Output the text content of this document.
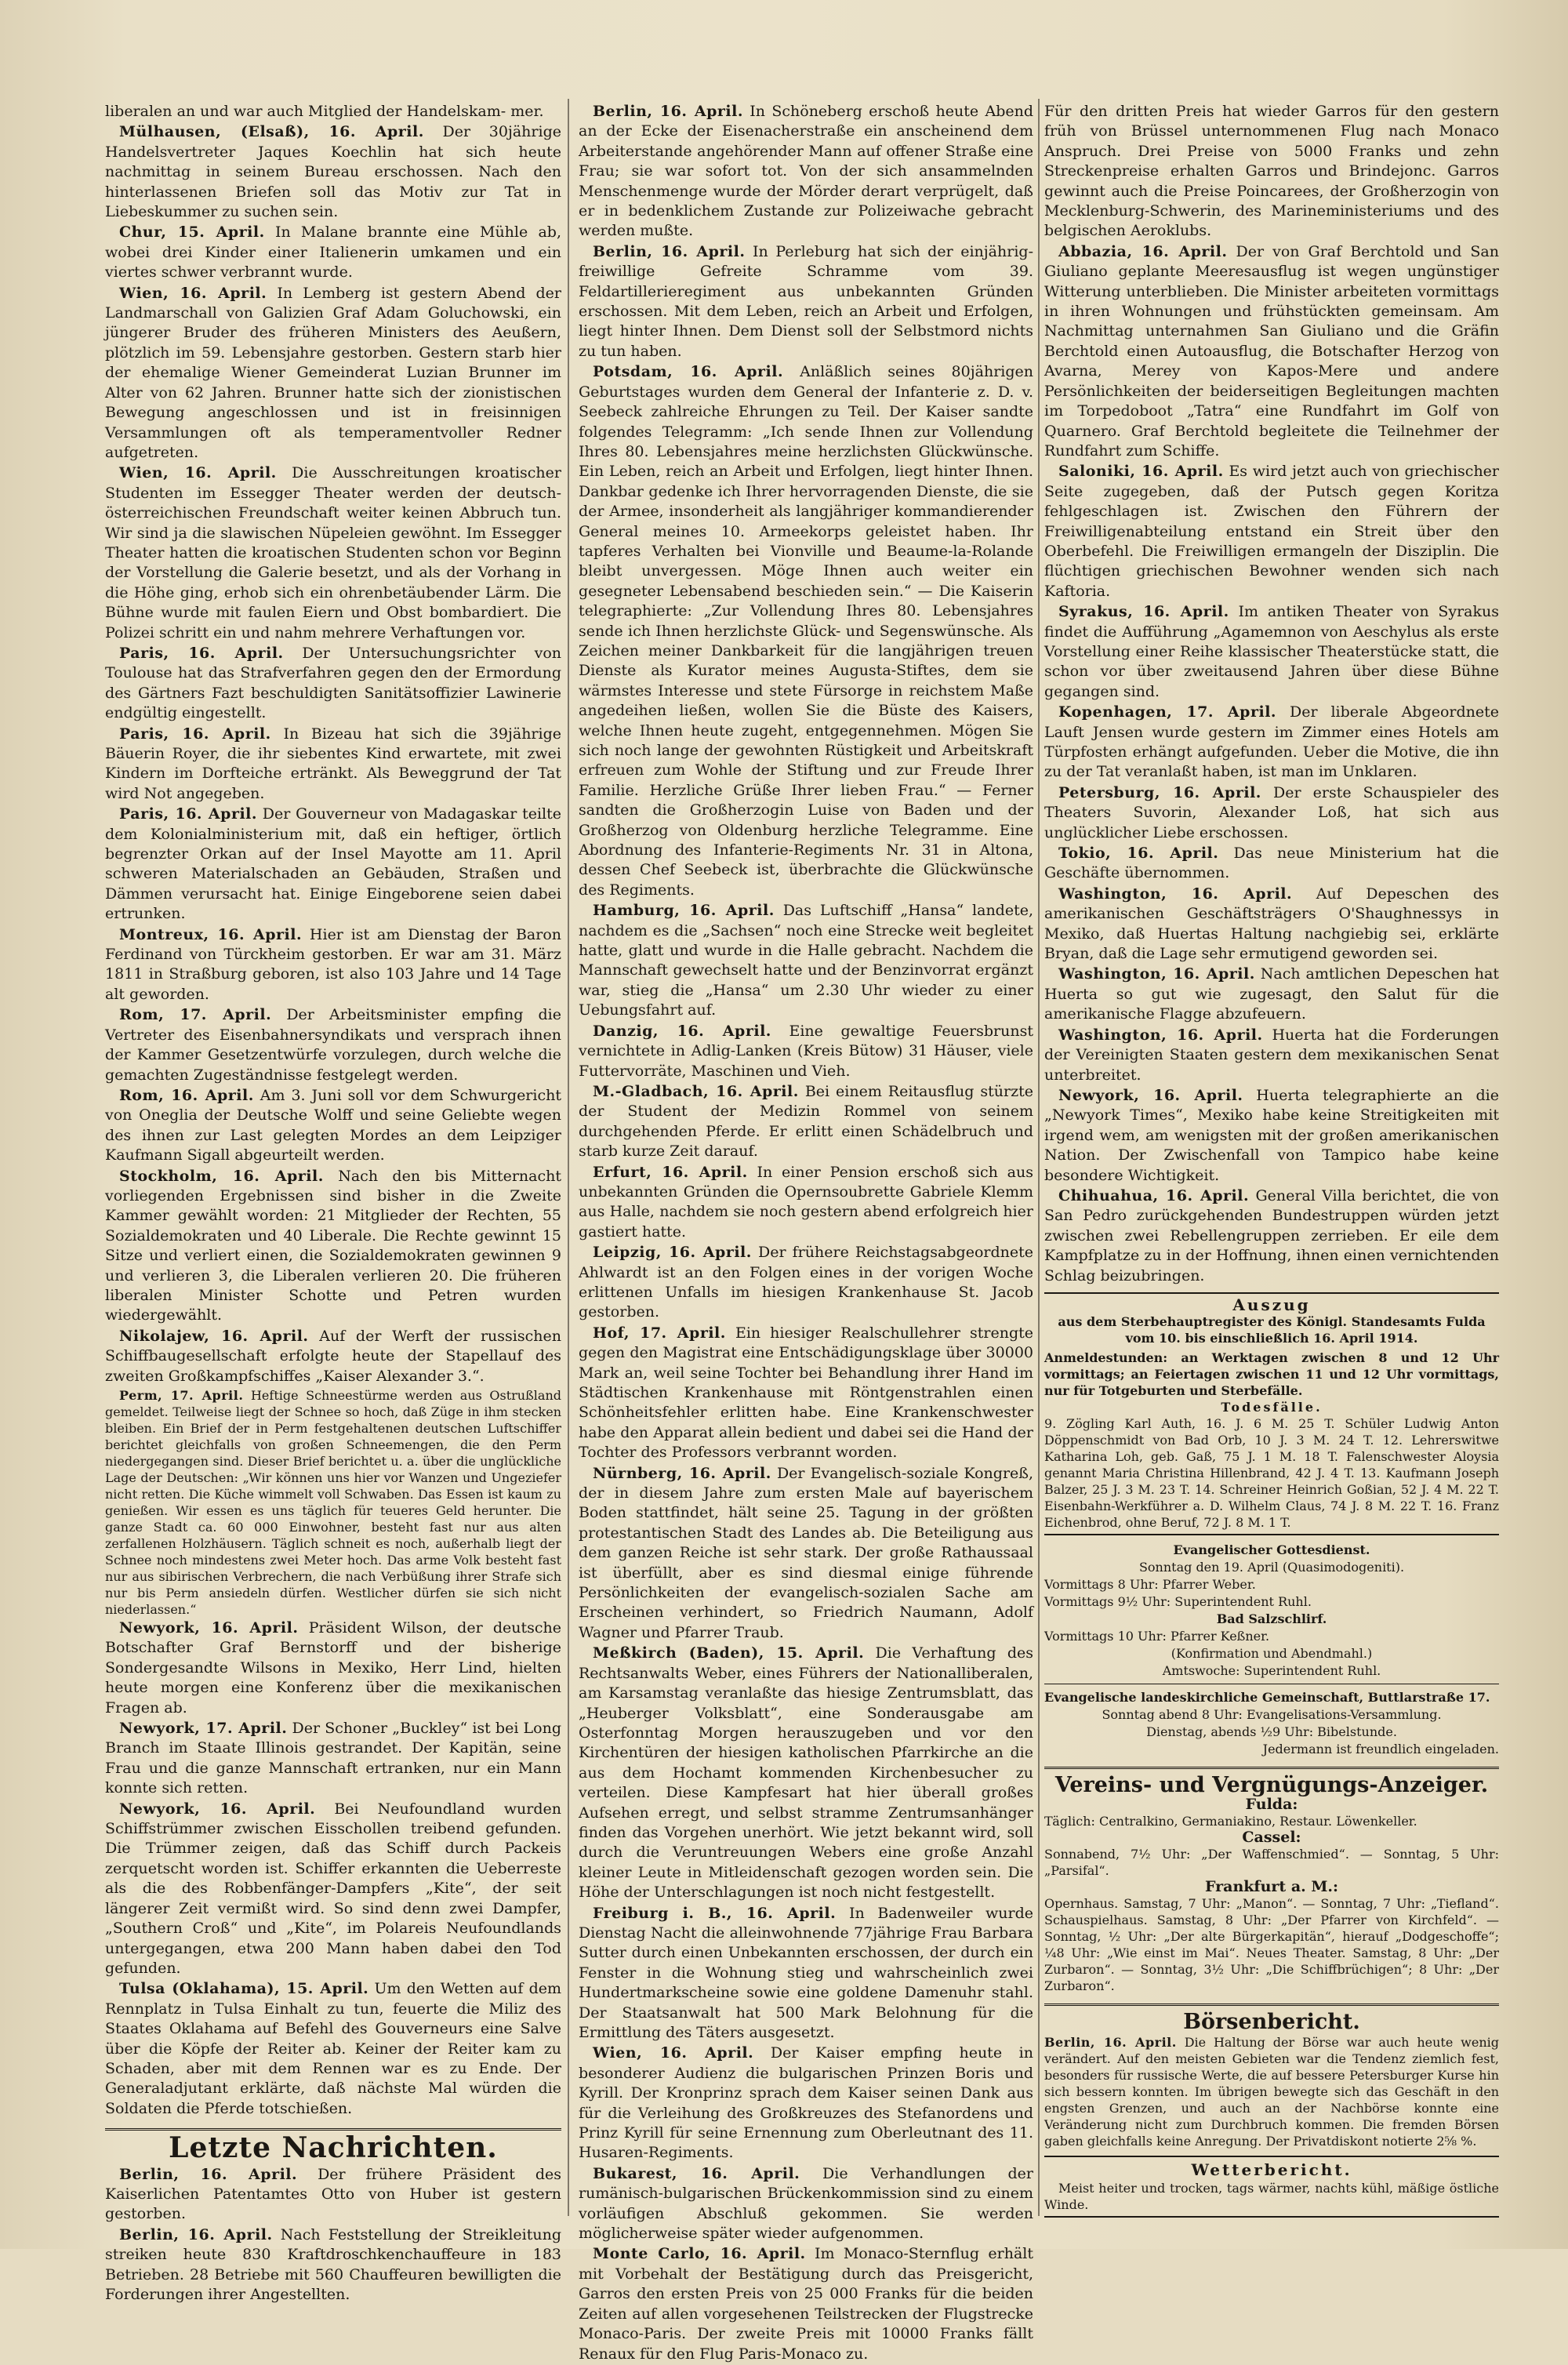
liberalen an und war auch Mitglied der Handelskam- mer.

Mülhausen, (Elsaß), 16. April. Der 30jährige Handelsvertreter Jaques Koechlin hat sich heute nachmittag in seinem Bureau erschossen. Nach den hinterlassenen Briefen soll das Motiv zur Tat in Liebeskummer zu suchen sein.

Chur, 15. April. In Malane brannte eine Mühle ab, wobei drei Kinder einer Italienerin umkamen und ein viertes schwer verbrannt wurde.

Wien, 16. April. In Lemberg ist gestern Abend der Landmarschall von Galizien Graf Adam Goluchowski, ein jüngerer Bruder des früheren Ministers des Aeußern, plötzlich im 59. Lebensjahre gestorben. Gestern starb hier der ehemalige Wiener Gemeinderat Luzian Brunner im Alter von 62 Jahren. Brunner hatte sich der zionistischen Bewegung angeschlossen und ist in freisinnigen Versammlungen oft als temperamentvoller Redner aufgetreten.

Wien, 16. April. Die Ausschreitungen kroatischer Studenten im Essegger Theater werden der deutsch-österreichischen Freundschaft weiter keinen Abbruch tun. Wir sind ja die slawischen Nüpeleien gewöhnt. Im Essegger Theater hatten die kroatischen Studenten schon vor Beginn der Vorstellung die Galerie besetzt, und als der Vorhang in die Höhe ging, erhob sich ein ohrenbetäubender Lärm. Die Bühne wurde mit faulen Eiern und Obst bombardiert. Die Polizei schritt ein und nahm mehrere Verhaftungen vor.

Paris, 16. April. Der Untersuchungsrichter von Toulouse hat das Strafverfahren gegen den der Ermordung des Gärtners Fazt beschuldigten Sanitätsoffizier Lawinerie endgültig eingestellt.

Paris, 16. April. In Bizeau hat sich die 39jährige Bäuerin Royer, die ihr siebentes Kind erwartete, mit zwei Kindern im Dorfteiche ertränkt. Als Beweggrund der Tat wird Not angegeben.

Paris, 16. April. Der Gouverneur von Madagaskar teilte dem Kolonialministerium mit, daß ein heftiger, örtlich begrenzter Orkan auf der Insel Mayotte am 11. April schweren Materialschaden an Gebäuden, Straßen und Dämmen verursacht hat. Einige Eingeborene seien dabei ertrunken.

Montreux, 16. April. Hier ist am Dienstag der Baron Ferdinand von Türckheim gestorben. Er war am 31. März 1811 in Straßburg geboren, ist also 103 Jahre und 14 Tage alt geworden.

Rom, 17. April. Der Arbeitsminister empfing die Vertreter des Eisenbahnersyndikats und versprach ihnen der Kammer Gesetzentwürfe vorzulegen, durch welche die gemachten Zugeständnisse festgelegt werden.

Rom, 16. April. Am 3. Juni soll vor dem Schwurgericht von Oneglia der Deutsche Wolff und seine Geliebte wegen des ihnen zur Last gelegten Mordes an dem Leipziger Kaufmann Sigall abgeurteilt werden.

Stockholm, 16. April. Nach den bis Mitternacht vorliegenden Ergebnissen sind bisher in die Zweite Kammer gewählt worden: 21 Mitglieder der Rechten, 55 Sozialdemokraten und 40 Liberale. Die Rechte gewinnt 15 Sitze und verliert einen, die Sozialdemokraten gewinnen 9 und verlieren 3, die Liberalen verlieren 20. Die früheren liberalen Minister Schotte und Petren wurden wiedergewählt.

Nikolajew, 16. April. Auf der Werft der russischen Schiffbaugesellschaft erfolgte heute der Stapellauf des zweiten Großkampfschiffes „Kaiser Alexander 3.“.

Perm, 17. April. Heftige Schneestürme werden aus Ostrußland gemeldet. Teilweise liegt der Schnee so hoch, daß Züge in ihm stecken bleiben. Ein Brief der in Perm festgehaltenen deutschen Luftschiffer berichtet gleichfalls von großen Schneemengen, die den Perm niedergegangen sind. Dieser Brief berichtet u. a. über die unglückliche Lage der Deutschen: „Wir können uns hier vor Wanzen und Ungeziefer nicht retten. Die Küche wimmelt voll Schwaben. Das Essen ist kaum zu genießen. Wir essen es uns täglich für teueres Geld herunter. Die ganze Stadt ca. 60 000 Einwohner, besteht fast nur aus alten zerfallenen Holzhäusern. Täglich schneit es noch, außerhalb liegt der Schnee noch mindestens zwei Meter hoch. Das arme Volk besteht fast nur aus sibirischen Verbrechern, die nach Verbüßung ihrer Strafe sich nur bis Perm ansiedeln dürfen. Westlicher dürfen sie sich nicht niederlassen.“

Newyork, 16. April. Präsident Wilson, der deutsche Botschafter Graf Bernstorff und der bisherige Sondergesandte Wilsons in Mexiko, Herr Lind, hielten heute morgen eine Konferenz über die mexikanischen Fragen ab.

Newyork, 17. April. Der Schoner „Buckley“ ist bei Long Branch im Staate Illinois gestrandet. Der Kapitän, seine Frau und die ganze Mannschaft ertranken, nur ein Mann konnte sich retten.

Newyork, 16. April. Bei Neufoundland wurden Schiffstrümmer zwischen Eisschollen treibend gefunden. Die Trümmer zeigen, daß das Schiff durch Packeis zerquetscht worden ist. Schiffer erkannten die Ueberreste als die des Robbenfänger-Dampfers „Kite“, der seit längerer Zeit vermißt wird. So sind denn zwei Dampfer, „Southern Croß“ und „Kite“, im Polareis Neufoundlands untergegangen, etwa 200 Mann haben dabei den Tod gefunden.

Tulsa (Oklahama), 15. April. Um den Wetten auf dem Rennplatz in Tulsa Einhalt zu tun, feuerte die Miliz des Staates Oklahama auf Befehl des Gouverneurs eine Salve über die Köpfe der Reiter ab. Keiner der Reiter kam zu Schaden, aber mit dem Rennen war es zu Ende. Der Generaladjutant erklärte, daß nächste Mal würden die Soldaten die Pferde totschießen.

Letzte Nachrichten.

Berlin, 16. April. Der frühere Präsident des Kaiserlichen Patentamtes Otto von Huber ist gestern gestorben.

Berlin, 16. April. Nach Feststellung der Streikleitung streiken heute 830 Kraftdroschkenchauffeure in 183 Betrieben. 28 Betriebe mit 560 Chauffeuren bewilligten die Forderungen ihrer Angestellten.

Berlin, 16. April. In Schöneberg erschoß heute Abend an der Ecke der Eisenacherstraße ein anscheinend dem Arbeiterstande angehörender Mann auf offener Straße eine Frau; sie war sofort tot. Von der sich ansammelnden Menschenmenge wurde der Mörder derart verprügelt, daß er in bedenklichem Zustande zur Polizeiwache gebracht werden mußte.

Berlin, 16. April. In Perleburg hat sich der einjährig-freiwillige Gefreite Schramme vom 39. Feldartillerieregiment aus unbekannten Gründen erschossen. Mit dem Leben, reich an Arbeit und Erfolgen, liegt hinter Ihnen. Dem Dienst soll der Selbstmord nichts zu tun haben.

Potsdam, 16. April. Anläßlich seines 80jährigen Geburtstages wurden dem General der Infanterie z. D. v. Seebeck zahlreiche Ehrungen zu Teil. Der Kaiser sandte folgendes Telegramm: „Ich sende Ihnen zur Vollendung Ihres 80. Lebensjahres meine herzlichsten Glückwünsche. Ein Leben, reich an Arbeit und Erfolgen, liegt hinter Ihnen. Dankbar gedenke ich Ihrer hervorragenden Dienste, die sie der Armee, insonderheit als langjähriger kommandierender General meines 10. Armeekorps geleistet haben. Ihr tapferes Verhalten bei Vionville und Beaume-la-Rolande bleibt unvergessen. Möge Ihnen auch weiter ein gesegneter Lebensabend beschieden sein.“ — Die Kaiserin telegraphierte: „Zur Vollendung Ihres 80. Lebensjahres sende ich Ihnen herzlichste Glück- und Segenswünsche. Als Zeichen meiner Dankbarkeit für die langjährigen treuen Dienste als Kurator meines Augusta-Stiftes, dem sie wärmstes Interesse und stete Fürsorge in reichstem Maße angedeihen ließen, wollen Sie die Büste des Kaisers, welche Ihnen heute zugeht, entgegennehmen. Mögen Sie sich noch lange der gewohnten Rüstigkeit und Arbeitskraft erfreuen zum Wohle der Stiftung und zur Freude Ihrer Familie. Herzliche Grüße Ihrer lieben Frau.“ — Ferner sandten die Großherzogin Luise von Baden und der Großherzog von Oldenburg herzliche Telegramme. Eine Abordnung des Infanterie-Regiments Nr. 31 in Altona, dessen Chef Seebeck ist, überbrachte die Glückwünsche des Regiments.

Hamburg, 16. April. Das Luftschiff „Hansa“ landete, nachdem es die „Sachsen“ noch eine Strecke weit begleitet hatte, glatt und wurde in die Halle gebracht. Nachdem die Mannschaft gewechselt hatte und der Benzinvorrat ergänzt war, stieg die „Hansa“ um 2.30 Uhr wieder zu einer Uebungsfahrt auf.

Danzig, 16. April. Eine gewaltige Feuersbrunst vernichtete in Adlig-Lanken (Kreis Bütow) 31 Häuser, viele Futtervorräte, Maschinen und Vieh.

M.-Gladbach, 16. April. Bei einem Reitausflug stürzte der Student der Medizin Rommel von seinem durchgehenden Pferde. Er erlitt einen Schädelbruch und starb kurze Zeit darauf.

Erfurt, 16. April. In einer Pension erschoß sich aus unbekannten Gründen die Opernsoubrette Gabriele Klemm aus Halle, nachdem sie noch gestern abend erfolgreich hier gastiert hatte.

Leipzig, 16. April. Der frühere Reichstagsabgeordnete Ahlwardt ist an den Folgen eines in der vorigen Woche erlittenen Unfalls im hiesigen Krankenhause St. Jacob gestorben.

Hof, 17. April. Ein hiesiger Realschullehrer strengte gegen den Magistrat eine Entschädigungsklage über 30000 Mark an, weil seine Tochter bei Behandlung ihrer Hand im Städtischen Krankenhause mit Röntgenstrahlen einen Schönheitsfehler erlitten habe. Eine Krankenschwester habe den Apparat allein bedient und dabei sei die Hand der Tochter des Professors verbrannt worden.

Nürnberg, 16. April. Der Evangelisch-soziale Kongreß, der in diesem Jahre zum ersten Male auf bayerischem Boden stattfindet, hält seine 25. Tagung in der größten protestantischen Stadt des Landes ab. Die Beteiligung aus dem ganzen Reiche ist sehr stark. Der große Rathaussaal ist überfüllt, aber es sind diesmal einige führende Persönlichkeiten der evangelisch-sozialen Sache am Erscheinen verhindert, so Friedrich Naumann, Adolf Wagner und Pfarrer Traub.

Meßkirch (Baden), 15. April. Die Verhaftung des Rechtsanwalts Weber, eines Führers der Nationalliberalen, am Karsamstag veranlaßte das hiesige Zentrumsblatt, das „Heuberger Volksblatt“, eine Sonderausgabe am Osterfonntag Morgen herauszugeben und vor den Kirchentüren der hiesigen katholischen Pfarrkirche an die aus dem Hochamt kommenden Kirchenbesucher zu verteilen. Diese Kampfesart hat hier überall großes Aufsehen erregt, und selbst stramme Zentrumsanhänger finden das Vorgehen unerhört. Wie jetzt bekannt wird, soll durch die Veruntreuungen Webers eine große Anzahl kleiner Leute in Mitleidenschaft gezogen worden sein. Die Höhe der Unterschlagungen ist noch nicht festgestellt.

Freiburg i. B., 16. April. In Badenweiler wurde Dienstag Nacht die alleinwohnende 77jährige Frau Barbara Sutter durch einen Unbekannten erschossen, der durch ein Fenster in die Wohnung stieg und wahrscheinlich zwei Hundertmarkscheine sowie eine goldene Damenuhr stahl. Der Staatsanwalt hat 500 Mark Belohnung für die Ermittlung des Täters ausgesetzt.

Wien, 16. April. Der Kaiser empfing heute in besonderer Audienz die bulgarischen Prinzen Boris und Kyrill. Der Kronprinz sprach dem Kaiser seinen Dank aus für die Verleihung des Großkreuzes des Stefanordens und Prinz Kyrill für seine Ernennung zum Oberleutnant des 11. Husaren-Regiments.

Bukarest, 16. April. Die Verhandlungen der rumänisch-bulgarischen Brückenkommission sind zu einem vorläufigen Abschluß gekommen. Sie werden möglicherweise später wieder aufgenommen.

Monte Carlo, 16. April. Im Monaco-Sternflug erhält mit Vorbehalt der Bestätigung durch das Preisgericht, Garros den ersten Preis von 25 000 Franks für die beiden Zeiten auf allen vorgesehenen Teilstrecken der Flugstrecke Monaco-Paris. Der zweite Preis mit 10000 Franks fällt Renaux für den Flug Paris-Monaco zu.

Für den dritten Preis hat wieder Garros für den gestern früh von Brüssel unternommenen Flug nach Monaco Anspruch. Drei Preise von 5000 Franks und zehn Streckenpreise erhalten Garros und Brindejonc. Garros gewinnt auch die Preise Poincarees, der Großherzogin von Mecklenburg-Schwerin, des Marineministeriums und des belgischen Aeroklubs.

Abbazia, 16. April. Der von Graf Berchtold und San Giuliano geplante Meeresausflug ist wegen ungünstiger Witterung unterblieben. Die Minister arbeiteten vormittags in ihren Wohnungen und frühstückten gemeinsam. Am Nachmittag unternahmen San Giuliano und die Gräfin Berchtold einen Autoausflug, die Botschafter Herzog von Avarna, Merey von Kapos-Mere und andere Persönlichkeiten der beiderseitigen Begleitungen machten im Torpedoboot „Tatra“ eine Rundfahrt im Golf von Quarnero. Graf Berchtold begleitete die Teilnehmer der Rundfahrt zum Schiffe.

Saloniki, 16. April. Es wird jetzt auch von griechischer Seite zugegeben, daß der Putsch gegen Koritza fehlgeschlagen ist. Zwischen den Führern der Freiwilligenabteilung entstand ein Streit über den Oberbefehl. Die Freiwilligen ermangeln der Disziplin. Die flüchtigen griechischen Bewohner wenden sich nach Kaftoria.

Syrakus, 16. April. Im antiken Theater von Syrakus findet die Aufführung „Agamemnon von Aeschylus als erste Vorstellung einer Reihe klassischer Theaterstücke statt, die schon vor über zweitausend Jahren über diese Bühne gegangen sind.

Kopenhagen, 17. April. Der liberale Abgeordnete Lauft Jensen wurde gestern im Zimmer eines Hotels am Türpfosten erhängt aufgefunden. Ueber die Motive, die ihn zu der Tat veranlaßt haben, ist man im Unklaren.

Petersburg, 16. April. Der erste Schauspieler des Theaters Suvorin, Alexander Loß, hat sich aus unglücklicher Liebe erschossen.

Tokio, 16. April. Das neue Ministerium hat die Geschäfte übernommen.

Washington, 16. April. Auf Depeschen des amerikanischen Geschäftsträgers O'Shaughnessys in Mexiko, daß Huertas Haltung nachgiebig sei, erklärte Bryan, daß die Lage sehr ermutigend geworden sei.

Washington, 16. April. Nach amtlichen Depeschen hat Huerta so gut wie zugesagt, den Salut für die amerikanische Flagge abzufeuern.

Washington, 16. April. Huerta hat die Forderungen der Vereinigten Staaten gestern dem mexikanischen Senat unterbreitet.

Newyork, 16. April. Huerta telegraphierte an die „Newyork Times“, Mexiko habe keine Streitigkeiten mit irgend wem, am wenigsten mit der großen amerikanischen Nation. Der Zwischenfall von Tampico habe keine besondere Wichtigkeit.

Chihuahua, 16. April. General Villa berichtet, die von San Pedro zurückgehenden Bundestruppen würden jetzt zwischen zwei Rebellengruppen zerrieben. Er eile dem Kampfplatze zu in der Hoffnung, ihnen einen vernichtenden Schlag beizubringen.

Auszug
aus dem Sterbehauptregister des Königl. Standesamts Fulda
vom 10. bis einschließlich 16. April 1914.
Anmeldestunden: an Werktagen zwischen 8 und 12 Uhr vormittags; an Feiertagen zwischen 11 und 12 Uhr vormittags, nur für Totgeburten und Sterbefälle.
Todesfälle.
9. Zögling Karl Auth, 16. J. 6 M. 25 T. Schüler Ludwig Anton Döppenschmidt von Bad Orb, 10 J. 3 M. 24 T. 12. Lehrerswitwe Katharina Loh, geb. Gaß, 75 J. 1 M. 18 T. Falenschwester Aloysia genannt Maria Christina Hillenbrand, 42 J. 4 T. 13. Kaufmann Joseph Balzer, 25 J. 3 M. 23 T. 14. Schreiner Heinrich Goßian, 52 J. 4 M. 22 T. Eisenbahn-Werkführer a. D. Wilhelm Claus, 74 J. 8 M. 22 T. 16. Franz Eichenbrod, ohne Beruf, 72 J. 8 M. 1 T.

Evangelischer Gottesdienst.

Sonntag den 19. April (Quasimodogeniti).

Vormittags 8 Uhr: Pfarrer Weber.

Vormittags 9½ Uhr: Superintendent Ruhl.

Bad Salzschlirf.

Vormittags 10 Uhr: Pfarrer Keßner.

(Konfirmation und Abendmahl.)

Amtswoche: Superintendent Ruhl.

Evangelische landeskirchliche Gemeinschaft, Buttlarstraße 17.

Sonntag abend 8 Uhr: Evangelisations-Versammlung.

Dienstag, abends ½9 Uhr: Bibelstunde.

Jedermann ist freundlich eingeladen.

Vereins- und Vergnügungs-Anzeiger.
Fulda:
Täglich: Centralkino, Germaniakino, Restaur. Löwenkeller.
Cassel:
Sonnabend, 7½ Uhr: „Der Waffenschmied“. — Sonntag, 5 Uhr: „Parsifal“.
Frankfurt a. M.:
Opernhaus. Samstag, 7 Uhr: „Manon“. — Sonntag, 7 Uhr: „Tiefland“. Schauspielhaus. Samstag, 8 Uhr: „Der Pfarrer von Kirchfeld“. — Sonntag, ½ Uhr: „Der alte Bürgerkapitän“, hierauf „Dodgeschoffe“; ¼8 Uhr: „Wie einst im Mai“. Neues Theater. Samstag, 8 Uhr: „Der Zurbaron“. — Sonntag, 3½ Uhr: „Die Schiffbrüchigen“; 8 Uhr: „Der Zurbaron“.
Börsenbericht.
Berlin, 16. April. Die Haltung der Börse war auch heute wenig verändert. Auf den meisten Gebieten war die Tendenz ziemlich fest, besonders für russische Werte, die auf bessere Petersburger Kurse hin sich bessern konnten. Im übrigen bewegte sich das Geschäft in den engsten Grenzen, und auch an der Nachbörse konnte eine Veränderung nicht zum Durchbruch kommen. Die fremden Börsen gaben gleichfalls keine Anregung. Der Privatdiskont notierte 2⅝ %.
Wetterbericht.
Meist heiter und trocken, tags wärmer, nachts kühl, mäßige östliche Winde.
